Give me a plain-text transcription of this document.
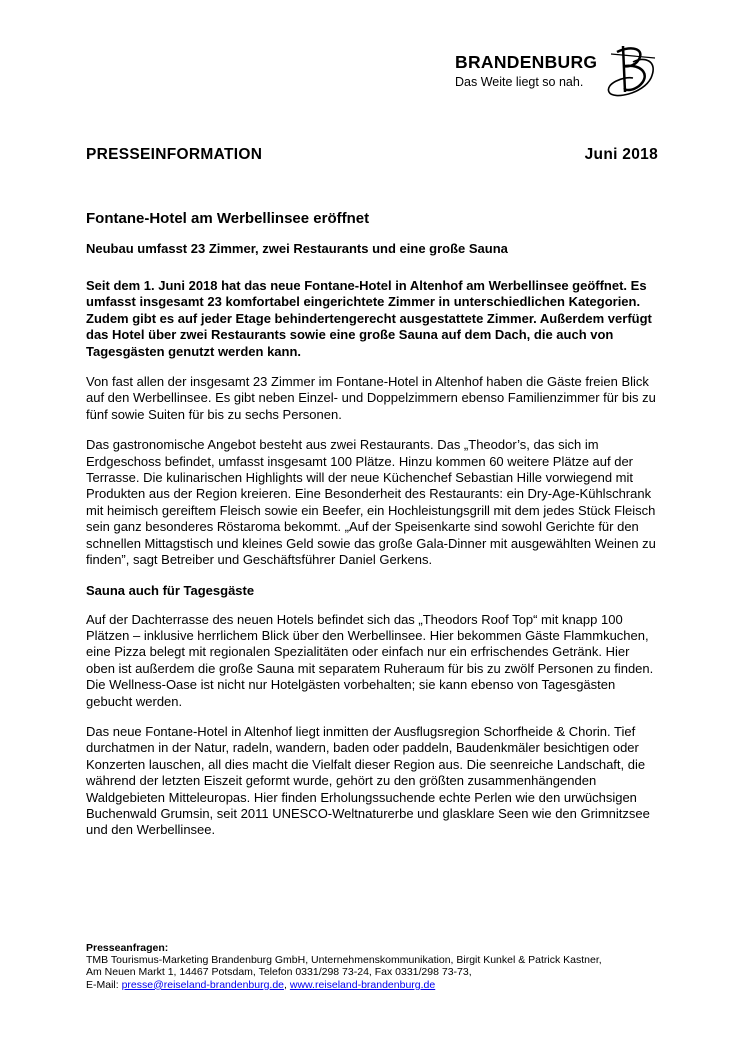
BRANDENBURG
Das Weite liegt so nah.
PRESSEINFORMATION	Juni 2018
Fontane-Hotel am Werbellinsee eröffnet
Neubau umfasst 23 Zimmer, zwei Restaurants und eine große Sauna

Seit dem 1. Juni 2018 hat das neue Fontane-Hotel in Altenhof am Werbellinsee geöffnet. Es umfasst insgesamt 23 komfortabel eingerichtete Zimmer in unterschiedlichen Kategorien. Zudem gibt es auf jeder Etage behindertengerecht ausgestattete Zimmer. Außerdem verfügt das Hotel über zwei Restaurants sowie eine große Sauna auf dem Dach, die auch von Tagesgästen genutzt werden kann.

Von fast allen der insgesamt 23 Zimmer im Fontane-Hotel in Altenhof haben die Gäste freien Blick auf den Werbellinsee. Es gibt neben Einzel- und Doppelzimmern ebenso Familienzimmer für bis zu fünf sowie Suiten für bis zu sechs Personen.

Das gastronomische Angebot besteht aus zwei Restaurants. Das „Theodor’s, das sich im Erdgeschoss befindet, umfasst insgesamt 100 Plätze. Hinzu kommen 60 weitere Plätze auf der Terrasse. Die kulinarischen Highlights will der neue Küchenchef Sebastian Hille vorwiegend mit Produkten aus der Region kreieren. Eine Besonderheit des Restaurants: ein Dry-Age-Kühlschrank mit heimisch gereiftem Fleisch sowie ein Beefer, ein Hochleistungsgrill mit dem jedes Stück Fleisch sein ganz besonderes Röstaroma bekommt. „Auf der Speisenkarte sind sowohl Gerichte für den schnellen Mittagstisch und kleines Geld sowie das große Gala-Dinner mit ausgewählten Weinen zu finden”, sagt Betreiber und Geschäftsführer Daniel Gerkens.

Sauna auch für Tagesgäste

Auf der Dachterrasse des neuen Hotels befindet sich das „Theodors Roof Top“ mit knapp 100 Plätzen – inklusive herrlichem Blick über den Werbellinsee. Hier bekommen Gäste Flammkuchen, eine Pizza belegt mit regionalen Spezialitäten oder einfach nur ein erfrischendes Getränk. Hier oben ist außerdem die große Sauna mit separatem Ruheraum für bis zu zwölf Personen zu finden. Die Wellness-Oase ist nicht nur Hotelgästen vorbehalten; sie kann ebenso von Tagesgästen gebucht werden.

Das neue Fontane-Hotel in Altenhof liegt inmitten der Ausflugsregion Schorfheide & Chorin. Tief durchatmen in der Natur, radeln, wandern, baden oder paddeln, Baudenkmäler besichtigen oder Konzerten lauschen, all dies macht die Vielfalt dieser Region aus. Die seenreiche Landschaft, die während der letzten Eiszeit geformt wurde, gehört zu den größten zusammenhängenden Waldgebieten Mitteleuropas. Hier finden Erholungssuchende echte Perlen wie den urwüchsigen Buchenwald Grumsin, seit 2011 UNESCO-Weltnaturerbe und glasklare Seen wie den Grimnitzsee und den Werbellinsee.

Presseanfragen:
TMB Tourismus-Marketing Brandenburg GmbH, Unternehmenskommunikation, Birgit Kunkel & Patrick Kastner,
Am Neuen Markt 1, 14467 Potsdam, Telefon 0331/298 73-24, Fax 0331/298 73-73,
E-Mail: presse@reiseland-brandenburg.de, www.reiseland-brandenburg.de
